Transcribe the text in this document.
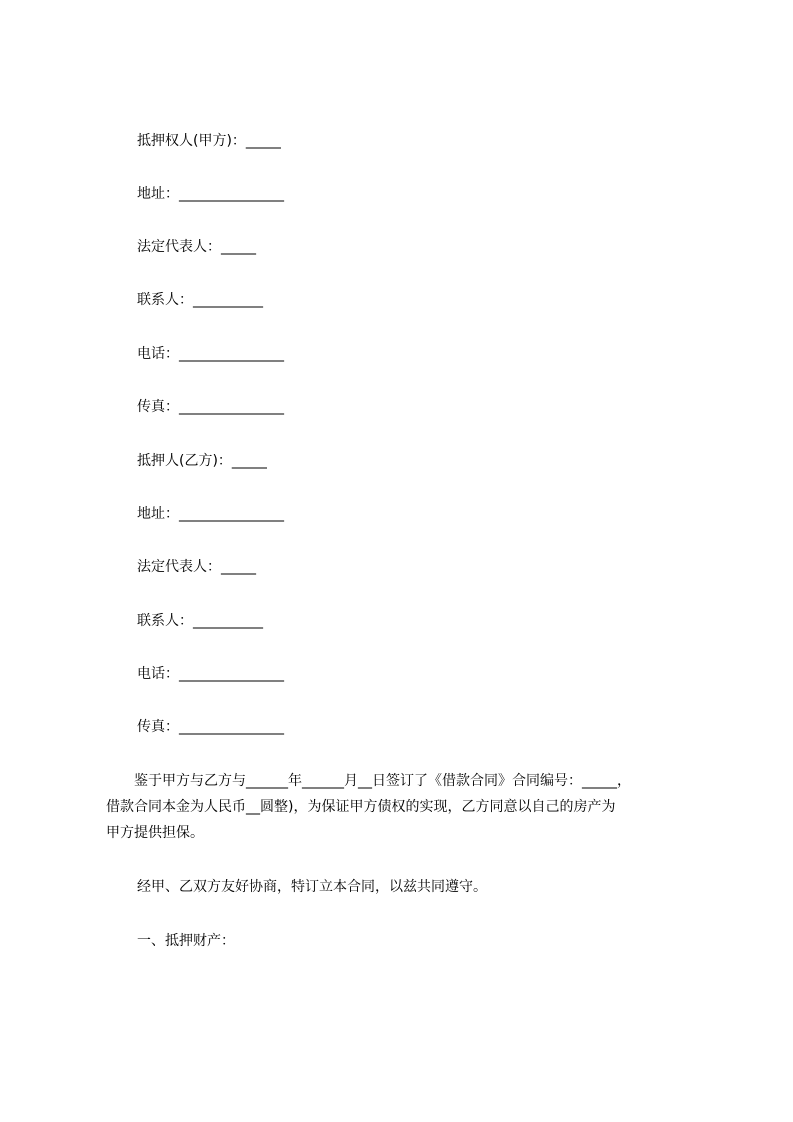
抵押权人(甲方)：_____
地址：_______________
法定代表人：_____
联系人：__________
电话：_______________
传真：_______________
抵押人(乙方)：_____
地址：_______________
法定代表人：_____
联系人：__________
电话：_______________
传真：_______________

　　鉴于甲方与乙方与______年______月__日签订了《借款合同》合同编号：_____，

借款合同本金为人民币__圆整)，为保证甲方债权的实现，乙方同意以自己的房产为

甲方提供担保。

经甲、乙双方友好协商，特订立本合同，以兹共同遵守。
一、抵押财产：
